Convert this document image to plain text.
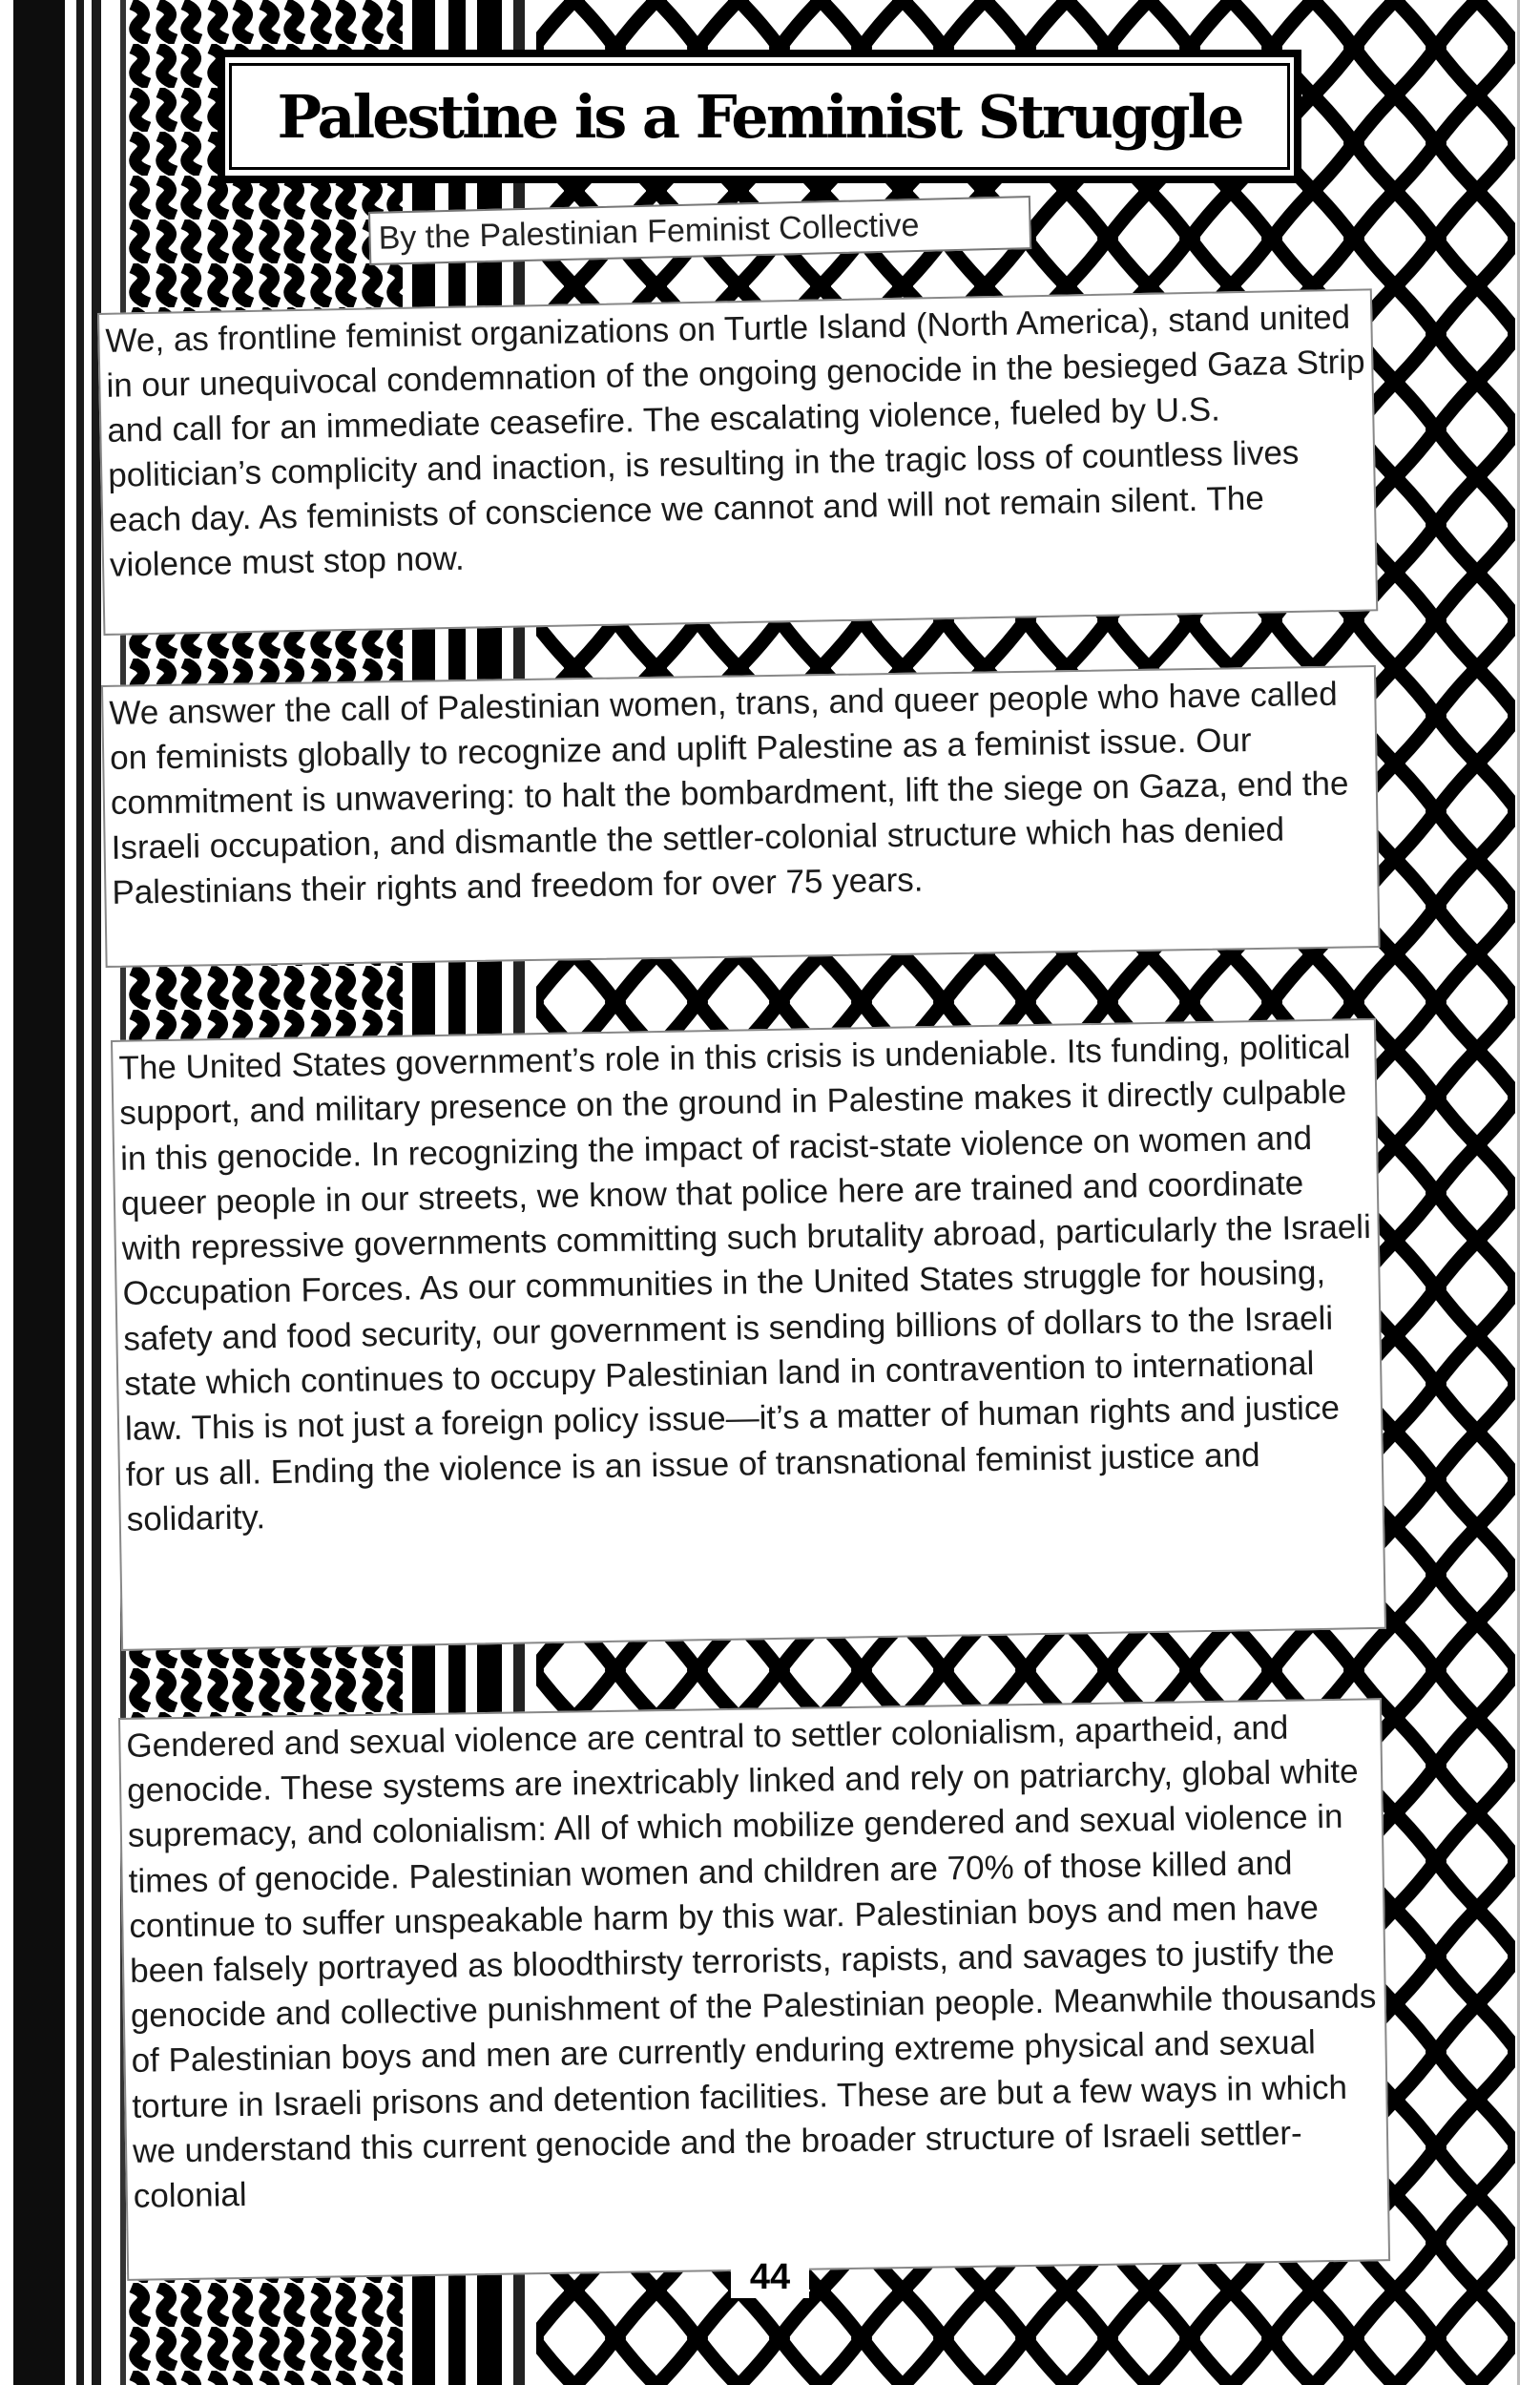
Palestine is a Feminist Struggle
By the Palestinian Feminist Collective

We, as frontline feminist organizations on Turtle Island (North America), stand united in our unequivocal condemnation of the ongoing genocide in the besieged Gaza Strip and call for an immediate ceasefire. The escalating violence, fueled by U.S. politician’s complicity and inaction, is resulting in the tragic loss of countless lives each day. As feminists of conscience we cannot and will not remain silent. The violence must stop now.

We answer the call of Palestinian women, trans, and queer people who have called on feminists globally to recognize and uplift Palestine as a feminist issue. Our commitment is unwavering: to halt the bombardment, lift the siege on Gaza, end the Israeli occupation, and dismantle the settler-colonial structure which has denied Palestinians their rights and freedom for over 75 years.

The United States government’s role in this crisis is undeniable. Its funding, political support, and military presence on the ground in Palestine makes it directly culpable in this genocide. In recognizing the impact of racist-state violence on women and queer people in our streets, we know that police here are trained and coordinate with repressive governments committing such brutality abroad, particularly the Israeli Occupation Forces. As our communities in the United States struggle for housing, safety and food security, our government is sending billions of dollars to the Israeli state which continues to occupy Palestinian land in contravention to international law. This is not just a foreign policy issue—it’s a matter of human rights and justice for us all. Ending the violence is an issue of transnational feminist justice and solidarity.

Gendered and sexual violence are central to settler colonialism, apartheid, and genocide. These systems are inextricably linked and rely on patriarchy, global white supremacy, and colonialism: All of which mobilize gendered and sexual violence in times of genocide. Palestinian women and children are 70% of those killed and continue to suffer unspeakable harm by this war. Palestinian boys and men have been falsely portrayed as bloodthirsty terrorists, rapists, and savages to justify the genocide and collective punishment of the Palestinian people. Meanwhile thousands of Palestinian boys and men are currently enduring extreme physical and sexual torture in Israeli prisons and detention facilities. These are but a few ways in which we understand this current genocide and the broader structure of Israeli settler-colonial

44
